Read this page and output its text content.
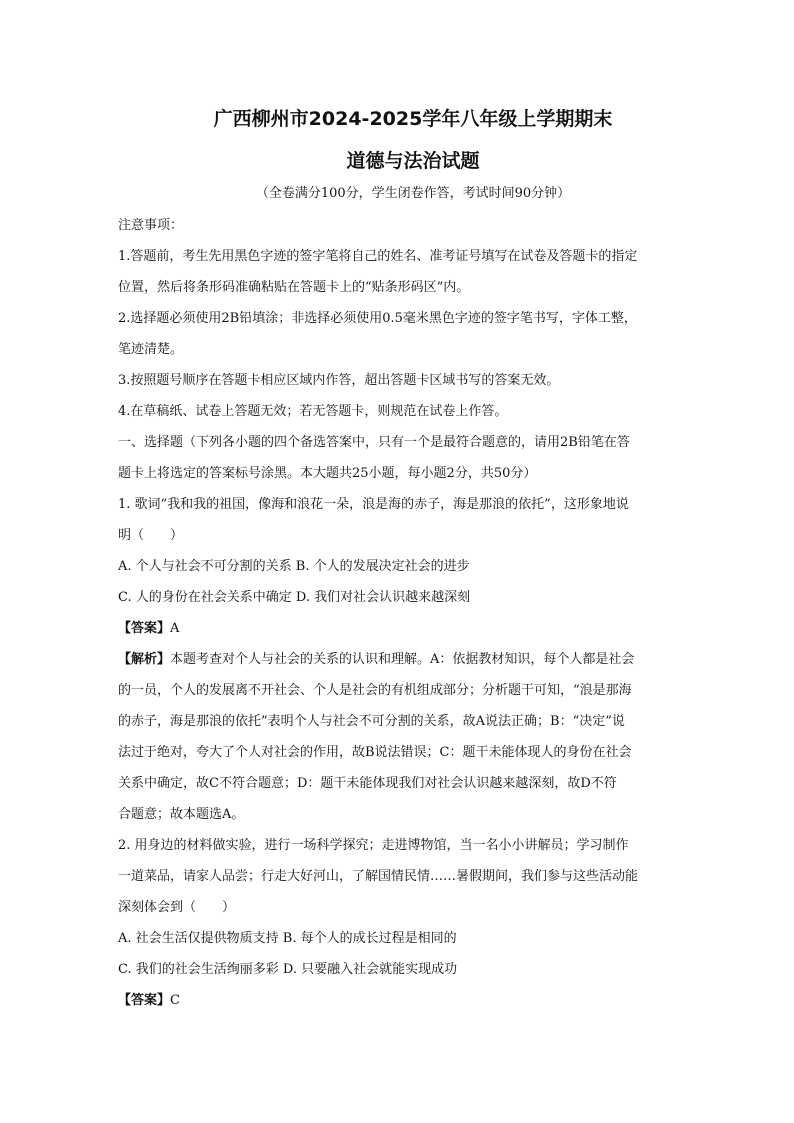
广西柳州市2024-2025学年八年级上学期期末
道德与法治试题
（全卷满分100分，学生闭卷作答，考试时间90分钟）
注意事项：
1.答题前，考生先用黑色字迹的签字笔将自己的姓名、准考证号填写在试卷及答题卡的指定
位置，然后将条形码准确粘贴在答题卡上的“贴条形码区”内。
2.选择题必须使用2B铅填涂；非选择必须使用0.5毫米黑色字迹的签字笔书写，字体工整，
笔迹清楚。
3.按照题号顺序在答题卡相应区域内作答，超出答题卡区域书写的答案无效。
4.在草稿纸、试卷上答题无效；若无答题卡，则规范在试卷上作答。
一、选择题（下列各小题的四个备选答案中，只有一个是最符合题意的，请用2B铅笔在答
题卡上将选定的答案标号涂黑。本大题共25小题，每小题2分，共50分）
1. 歌词“我和我的祖国，像海和浪花一朵，浪是海的赤子，海是那浪的依托”，这形象地说
明（　　）
A. 个人与社会不可分割的关系 B. 个人的发展决定社会的进步
C. 人的身份在社会关系中确定 D. 我们对社会认识越来越深刻
【答案】A
【解析】本题考查对个人与社会的关系的认识和理解。A：依据教材知识，每个人都是社会
的一员，个人的发展离不开社会、个人是社会的有机组成部分；分析题干可知，“浪是那海
的赤子，海是那浪的依托”表明个人与社会不可分割的关系，故A说法正确；B：“决定”说
法过于绝对，夸大了个人对社会的作用，故B说法错误；C：题干未能体现人的身份在社会
关系中确定，故C不符合题意；D：题干未能体现我们对社会认识越来越深刻，故D不符
合题意；故本题选A。
2. 用身边的材料做实验，进行一场科学探究；走进博物馆，当一名小小讲解员；学习制作
一道菜品，请家人品尝；行走大好河山，了解国情民情……暑假期间，我们参与这些活动能
深刻体会到（　　）
A. 社会生活仅提供物质支持 B. 每个人的成长过程是相同的
C. 我们的社会生活绚丽多彩 D. 只要融入社会就能实现成功
【答案】C
